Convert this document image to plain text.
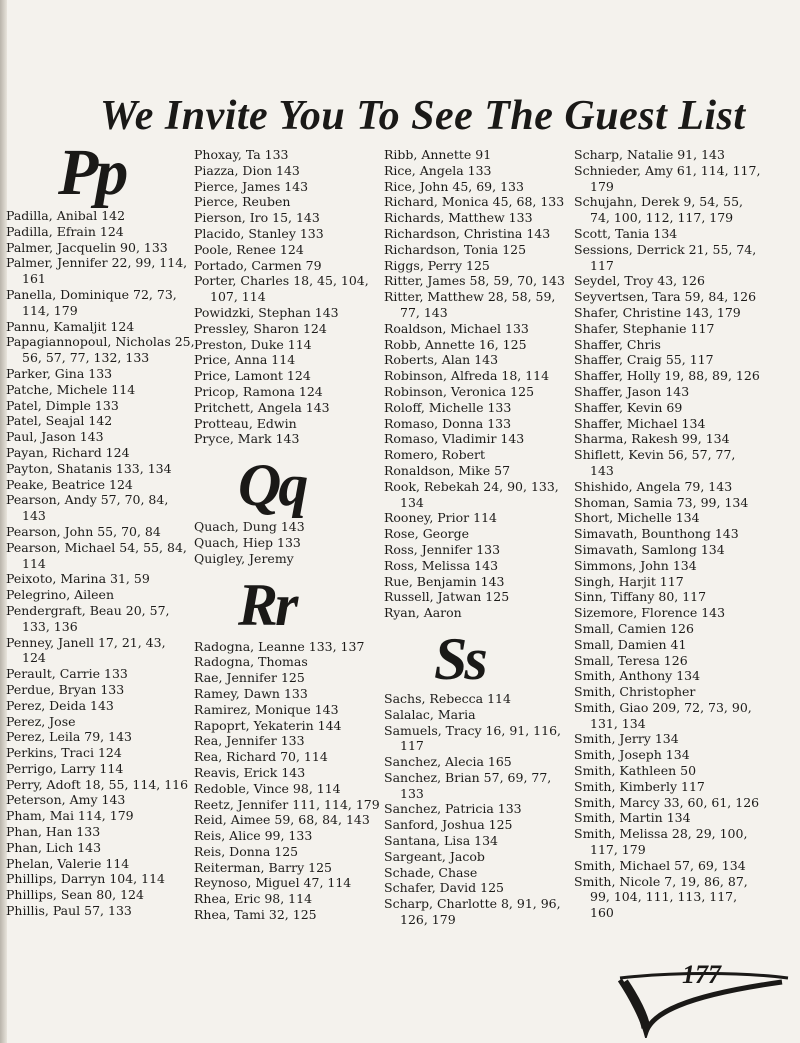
We Invite You To See The Guest List
Pp
Padilla, Anibal 142
Padilla, Efrain 124
Palmer, Jacquelin 90, 133
Palmer, Jennifer 22, 99, 114,
161
Panella, Dominique 72, 73,
114, 179
Pannu, Kamaljit 124
Papagiannopoul, Nicholas 25,
56, 57, 77, 132, 133
Parker, Gina 133
Patche, Michele 114
Patel, Dimple 133
Patel, Seajal 142
Paul, Jason 143
Payan, Richard 124
Payton, Shatanis 133, 134
Peake, Beatrice 124
Pearson, Andy 57, 70, 84,
143
Pearson, John 55, 70, 84
Pearson, Michael 54, 55, 84,
114
Peixoto, Marina 31, 59
Pelegrino, Aileen
Pendergraft, Beau 20, 57,
133, 136
Penney, Janell 17, 21, 43,
124
Perault, Carrie 133
Perdue, Bryan 133
Perez, Deida 143
Perez, Jose
Perez, Leila 79, 143
Perkins, Traci 124
Perrigo, Larry 114
Perry, Adoft 18, 55, 114, 116
Peterson, Amy 143
Pham, Mai 114, 179
Phan, Han 133
Phan, Lich 143
Phelan, Valerie 114
Phillips, Darryn 104, 114
Phillips, Sean 80, 124
Phillis, Paul 57, 133
Phoxay, Ta 133
Piazza, Dion 143
Pierce, James 143
Pierce, Reuben
Pierson, Iro 15, 143
Placido, Stanley 133
Poole, Renee 124
Portado, Carmen 79
Porter, Charles 18, 45, 104,
107, 114
Powidzki, Stephan 143
Pressley, Sharon 124
Preston, Duke 114
Price, Anna 114
Price, Lamont 124
Pricop, Ramona 124
Pritchett, Angela 143
Protteau, Edwin
Pryce, Mark 143
Qq
Quach, Dung 143
Quach, Hiep 133
Quigley, Jeremy
Rr
Radogna, Leanne 133, 137
Radogna, Thomas
Rae, Jennifer 125
Ramey, Dawn 133
Ramirez, Monique 143
Rapoprt, Yekaterin 144
Rea, Jennifer 133
Rea, Richard 70, 114
Reavis, Erick 143
Redoble, Vince 98, 114
Reetz, Jennifer 111, 114, 179
Reid, Aimee 59, 68, 84, 143
Reis, Alice 99, 133
Reis, Donna 125
Reiterman, Barry 125
Reynoso, Miguel 47, 114
Rhea, Eric 98, 114
Rhea, Tami 32, 125
Ribb, Annette 91
Rice, Angela 133
Rice, John 45, 69, 133
Richard, Monica 45, 68, 133
Richards, Matthew 133
Richardson, Christina 143
Richardson, Tonia 125
Riggs, Perry 125
Ritter, James 58, 59, 70, 143
Ritter, Matthew 28, 58, 59,
77, 143
Roaldson, Michael 133
Robb, Annette 16, 125
Roberts, Alan 143
Robinson, Alfreda 18, 114
Robinson, Veronica 125
Roloff, Michelle 133
Romaso, Donna 133
Romaso, Vladimir 143
Romero, Robert
Ronaldson, Mike 57
Rook, Rebekah 24, 90, 133,
134
Rooney, Prior 114
Rose, George
Ross, Jennifer 133
Ross, Melissa 143
Rue, Benjamin 143
Russell, Jatwan 125
Ryan, Aaron
Ss
Sachs, Rebecca 114
Salalac, Maria
Samuels, Tracy 16, 91, 116,
117
Sanchez, Alecia 165
Sanchez, Brian 57, 69, 77,
133
Sanchez, Patricia 133
Sanford, Joshua 125
Santana, Lisa 134
Sargeant, Jacob
Schade, Chase
Schafer, David 125
Scharp, Charlotte 8, 91, 96,
126, 179
Scharp, Natalie 91, 143
Schnieder, Amy 61, 114, 117,
179
Schujahn, Derek 9, 54, 55,
74, 100, 112, 117, 179
Scott, Tania 134
Sessions, Derrick 21, 55, 74,
117
Seydel, Troy 43, 126
Seyvertsen, Tara 59, 84, 126
Shafer, Christine 143, 179
Shafer, Stephanie 117
Shaffer, Chris
Shaffer, Craig 55, 117
Shaffer, Holly 19, 88, 89, 126
Shaffer, Jason 143
Shaffer, Kevin 69
Shaffer, Michael 134
Sharma, Rakesh 99, 134
Shiflett, Kevin 56, 57, 77,
143
Shishido, Angela 79, 143
Shoman, Samia 73, 99, 134
Short, Michelle 134
Simavath, Bounthong 143
Simavath, Samlong 134
Simmons, John 134
Singh, Harjit 117
Sinn, Tiffany 80, 117
Sizemore, Florence 143
Small, Camien 126
Small, Damien 41
Small, Teresa 126
Smith, Anthony 134
Smith, Christopher
Smith, Giao 209, 72, 73, 90,
131, 134
Smith, Jerry 134
Smith, Joseph 134
Smith, Kathleen 50
Smith, Kimberly 117
Smith, Marcy 33, 60, 61, 126
Smith, Martin 134
Smith, Melissa 28, 29, 100,
117, 179
Smith, Michael 57, 69, 134
Smith, Nicole 7, 19, 86, 87,
99, 104, 111, 113, 117,
160
177
